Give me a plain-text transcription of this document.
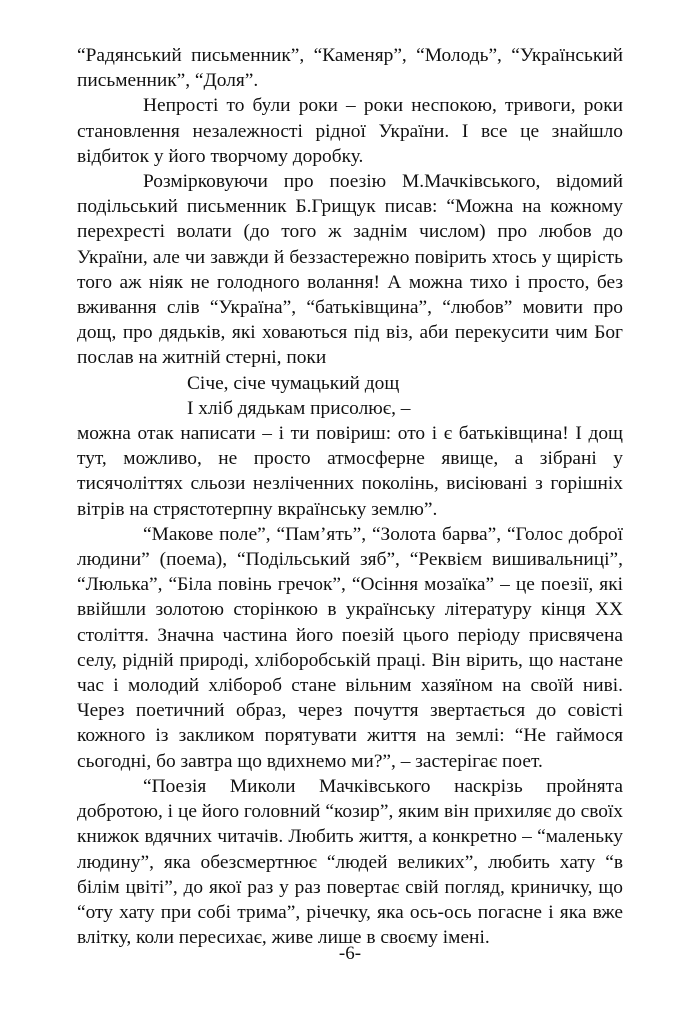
“Радянський письменник”, “Каменяр”, “Молодь”, “Український письменник”, “Доля”.

Непрості то були роки – роки неспокою, тривоги, роки становлення незалежності рідної України. І все це знайшло відбиток у його творчому доробку.

Розмірковуючи про поезію М.Мачківського, відомий подільський письменник Б.Грищук писав: “Можна на кожному перехресті волати (до того ж заднім числом) про любов до України, але чи завжди й беззастережно повірить хтось у щирість того аж ніяк не голодного волання! А можна тихо і просто, без вживання слів “Україна”, “батьківщина”, “любов” мовити про дощ, про дядьків, які ховаються під віз, аби перекусити чим Бог послав на житній стерні, поки

Січе, січе чумацький дощ

І хліб дядькам присолює, –

можна отак написати – і ти повіриш: ото і є батьківщина! І дощ тут, можливо, не просто атмосферне явище, а зібрані у тисячоліттях сльози незліченних поколінь, висіювані з горішніх вітрів на стрястотерпну вкраїнську землю”.

“Макове поле”, “Пам’ять”, “Золота барва”, “Голос доброї людини” (поема), “Подільський зяб”, “Реквієм вишивальниці”, “Люлька”, “Біла повінь гречок”, “Осіння мозаїка” – це поезії, які ввійшли золотою сторінкою в українську літературу кінця XX століття. Значна частина його поезій цього періоду присвячена селу, рідній природі, хліборобській праці. Він вірить, що настане час і молодий хлібороб стане вільним хазяїном на своїй ниві. Через поетичний образ, через почуття звертається до совісті кожного із закликом порятувати життя на землі: “Не гаймося сьогодні, бо завтра що вдихнемо ми?”, – застерігає поет.

“Поезія Миколи Мачківського наскрізь пройнята добротою, і це його головний “козир”, яким він прихиляє до своїх книжок вдячних читачів. Любить життя, а конкретно – “маленьку людину”, яка обезсмертнює “людей великих”, любить хату “в білім цвіті”, до якої раз у раз повертає свій погляд, криничку, що “оту хату при собі трима”, річечку, яка ось-ось погасне і яка вже влітку, коли пересихає, живе лише в своєму імені.

-6-
